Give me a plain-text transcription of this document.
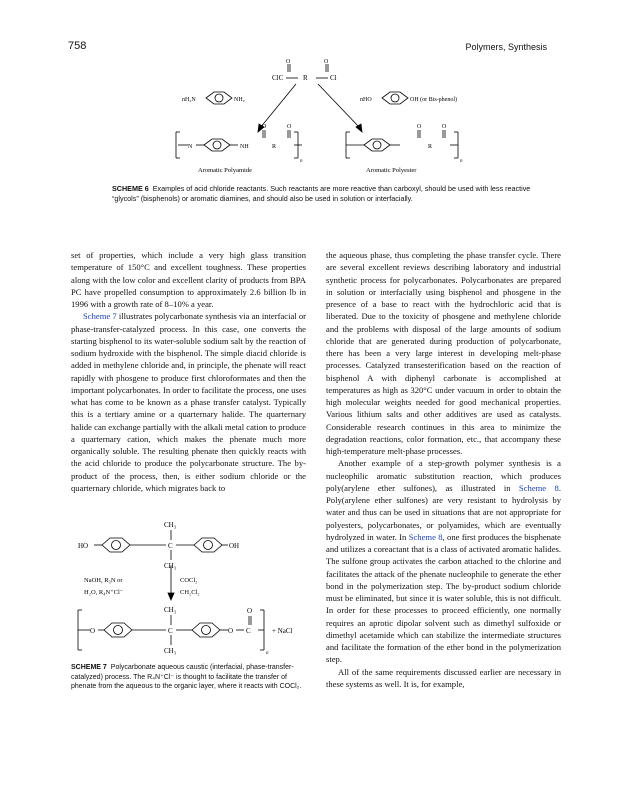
758	Polymers, Synthesis
ClC
O	O
R	Cl
nH₂N	NH₂	nHO	OH (or Bis-phenol)
N	NH	R
O	O
n
R
O	O
n
Aromatic Polyamide	Aromatic Polyester
SCHEME 6 Examples of acid chloride reactants. Such reactants are more reactive than carboxyl, should be used with less reactive “glycols” (bisphenols) or aromatic diamines, and should also be used in solution or interfacially.

set of properties, which include a very high glass transition temperature of 150°C and excellent toughness. These properties along with the low color and excellent clarity of products from BPA PC have propelled consumption to approximately 2.6 billion lb in 1996 with a growth rate of 8–10% a year.

Scheme 7 illustrates polycarbonate synthesis via an interfacial or phase-transfer-catalyzed process. In this case, one converts the starting bisphenol to its water-soluble sodium salt by the reaction of sodium hydroxide with the bisphenol. The simple diacid chloride is added in methylene chloride and, in principle, the phenate will react rapidly with phosgene to produce first chloroformates and then the important polycarbonates. In order to facilitate the process, one uses what has come to be known as a phase transfer catalyst. Typically this is a tertiary amine or a quarternary halide. The quarternary halide can exchange partially with the alkali metal cation to produce a quarternary cation, which makes the phenate much more organically soluble. The resulting phenate then quickly reacts with the acid chloride to produce the polycarbonate structure. The by-product of the process, then, is either sodium chloride or the quarternary chloride, which migrates back to

CH₃
C
CH₃
HO	OH
NaOH, R₃N or
H₂O, R₄N⁺Cl⁻
COCl₂
CH₂Cl₂
O
CH₃
C
CH₃
O
O
C
n
+ NaCl
SCHEME 7 Polycarbonate aqueous caustic (interfacial, phase-transfer-catalyzed) process. The R₄N⁺Cl⁻ is thought to facilitate the transfer of phenate from the aqueous to the organic layer, where it reacts with COCl₂.

the aqueous phase, thus completing the phase transfer cycle. There are several excellent reviews describing laboratory and industrial synthetic process for polycarbonates. Polycarbonates are prepared in solution or interfacially using bisphenol and phosgene in the presence of a base to react with the hydrochloric acid that is liberated. Due to the toxicity of phosgene and methylene chloride and the problems with disposal of the large amounts of sodium chloride that are generated during production of polycarbonate, there has been a very large interest in developing melt-phase processes. Catalyzed transesterification based on the reaction of bisphenol A with diphenyl carbonate is accomplished at temperatures as high as 320°C under vacuum in order to obtain the high molecular weights needed for good mechanical properties. Various lithium salts and other additives are used as catalysts. Considerable research continues in this area to minimize the degradation reactions, color formation, etc., that accompany these high-temperature melt-phase processes.

Another example of a step-growth polymer synthesis is a nucleophilic aromatic substitution reaction, which produces poly(arylene ether sulfones), as illustrated in Scheme 8. Poly(arylene ether sulfones) are very resistant to hydrolysis by water and thus can be used in situations that are not appropriate for polyesters, polycarbonates, or polyamides, which are eventually hydrolyzed in water. In Scheme 8, one first produces the bisphenate and utilizes a coreactant that is a class of activated aromatic halides. The sulfone group activates the carbon attached to the chlorine and facilitates the attack of the phenate nucleophile to generate the ether bond in the polymerization step. The by-product sodium chloride must be eliminated, but since it is water soluble, this is not difficult. In order for these processes to proceed efficiently, one normally requires an aprotic dipolar solvent such as dimethyl sulfoxide or dimethyl acetamide which can stabilize the intermediate structures and facilitate the formation of the ether bond in the polymerization step.

All of the same requirements discussed earlier are necessary in these systems as well. It is, for example,
